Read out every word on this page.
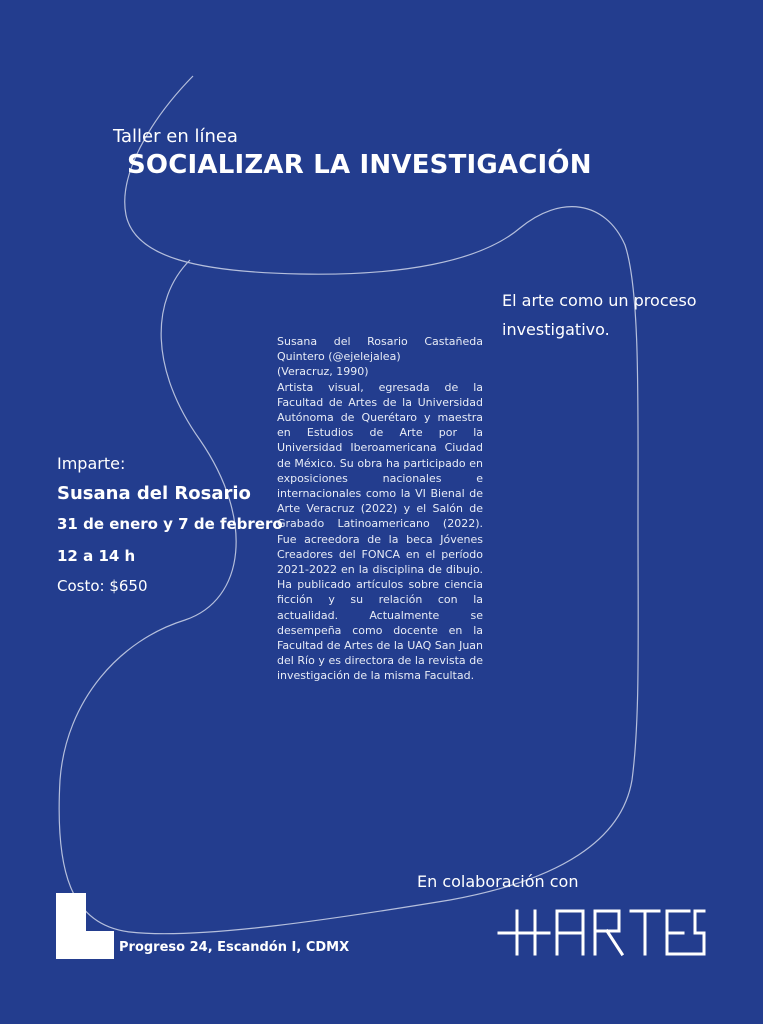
Taller en línea
SOCIALIZAR LA INVESTIGACIÓN
El arte como un proceso investigativo.

Susana del Rosario Castañeda Quintero (@ejelejalea)

(Veracruz, 1990)

Artista visual, egresada de la Facultad de Artes de la Universidad Autónoma de Querétaro y maestra en Estudios de Arte por la Universidad Iberoamericana Ciudad de México. Su obra ha participado en exposiciones nacionales e internacionales como la VI Bienal de Arte Veracruz (2022) y el Salón de Grabado Latinoamericano (2022). Fue acreedora de la beca Jóvenes Creadores del FONCA en el período 2021-2022 en la disciplina de dibujo. Ha publicado artículos sobre ciencia ficción y su relación con la actualidad. Actualmente se desempeña como docente en la Facultad de Artes de la UAQ San Juan del Río y es directora de la revista de investigación de la misma Facultad.

Imparte:
Susana del Rosario
31 de enero y 7 de febrero
12 a 14 h
Costo: $650
En colaboración con
Progreso 24, Escandón I, CDMX
